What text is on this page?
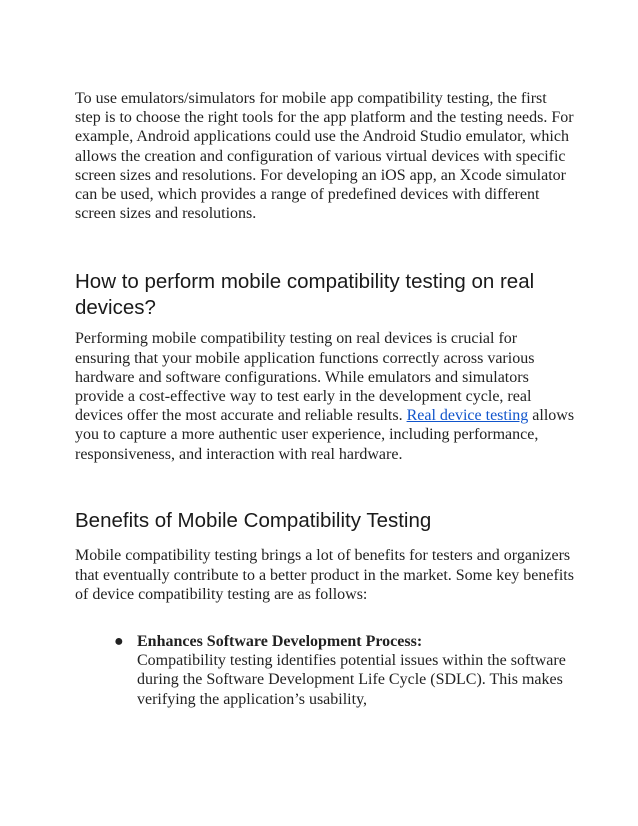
To use emulators/simulators for mobile app compatibility testing, the first step is to choose the right tools for the app platform and the testing needs. For example, Android applications could use the Android Studio emulator, which allows the creation and configuration of various virtual devices with specific screen sizes and resolutions. For developing an iOS app, an Xcode simulator can be used, which provides a range of predefined devices with different screen sizes and resolutions.

How to perform mobile compatibility testing on real devices?

Performing mobile compatibility testing on real devices is crucial for ensuring that your mobile application functions correctly across various hardware and software configurations. While emulators and simulators provide a cost-effective way to test early in the development cycle, real devices offer the most accurate and reliable results. Real device testing allows you to capture a more authentic user experience, including performance, responsiveness, and interaction with real hardware.

Benefits of Mobile Compatibility Testing

Mobile compatibility testing brings a lot of benefits for testers and organizers that eventually contribute to a better product in the market. Some key benefits of device compatibility testing are as follows:

● Enhances Software Development Process:
Compatibility testing identifies potential issues within the software during the Software Development Life Cycle (SDLC). This makes verifying the application’s usability,
